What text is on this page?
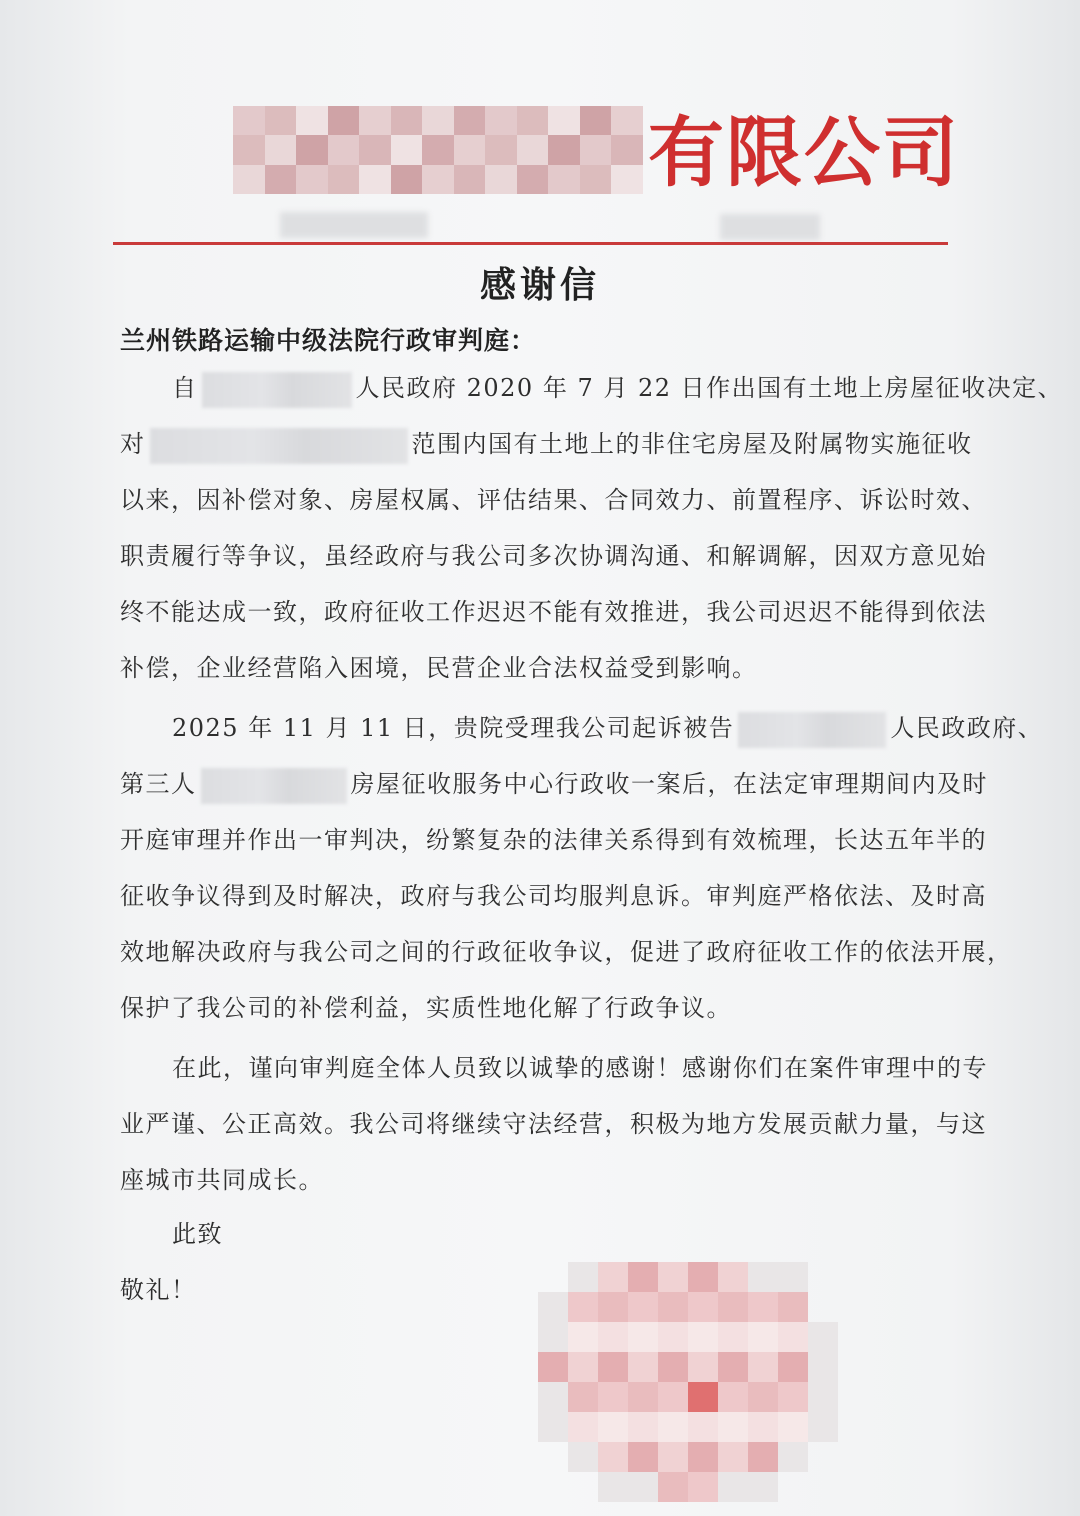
有限公司
感谢信
兰州铁路运输中级法院行政审判庭：
自	人民政府 2020 年 7 月 22 日作出国有土地上房屋征收决定、
对	范围内国有土地上的非住宅房屋及附属物实施征收
以来，因补偿对象、房屋权属、评估结果、合同效力、前置程序、诉讼时效、
职责履行等争议，虽经政府与我公司多次协调沟通、和解调解，因双方意见始
终不能达成一致，政府征收工作迟迟不能有效推进，我公司迟迟不能得到依法
补偿，企业经营陷入困境，民营企业合法权益受到影响。
2025 年 11 月 11 日，贵院受理我公司起诉被告	人民政政府、
第三人	房屋征收服务中心行政收一案后，在法定审理期间内及时
开庭审理并作出一审判决，纷繁复杂的法律关系得到有效梳理，长达五年半的
征收争议得到及时解决，政府与我公司均服判息诉。审判庭严格依法、及时高
效地解决政府与我公司之间的行政征收争议，促进了政府征收工作的依法开展，
保护了我公司的补偿利益，实质性地化解了行政争议。
在此，谨向审判庭全体人员致以诚挚的感谢！感谢你们在案件审理中的专
业严谨、公正高效。我公司将继续守法经营，积极为地方发展贡献力量，与这
座城市共同成长。
此致
敬礼！
